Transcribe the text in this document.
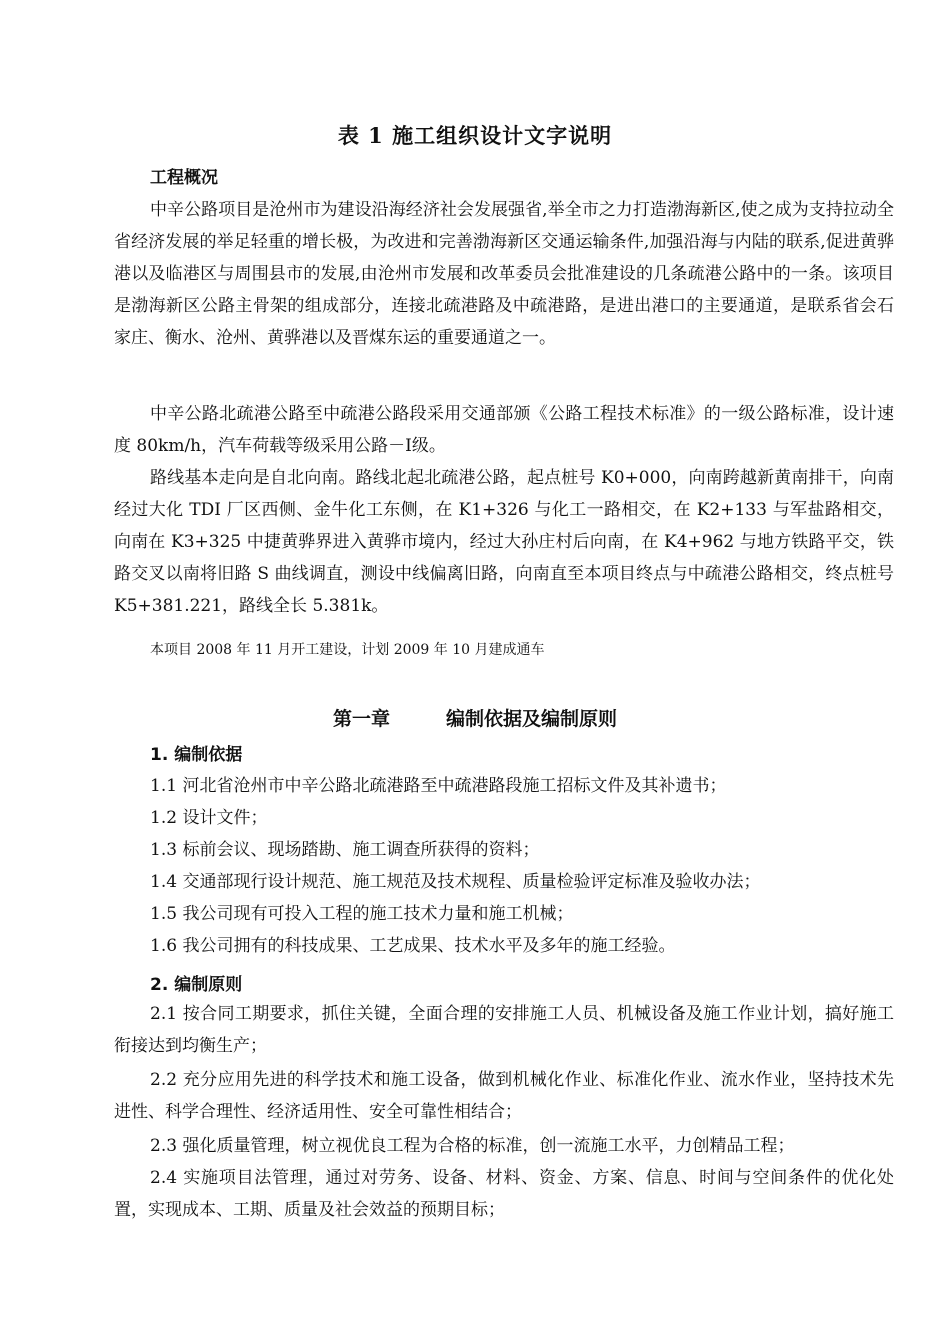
表 1 施工组织设计文字说明
工程概况

中辛公路项目是沧州市为建设沿海经济社会发展强省,举全市之力打造渤海新区,使之成为支持拉动全省经济发展的举足轻重的增长极，为改进和完善渤海新区交通运输条件,加强沿海与内陆的联系,促进黄骅港以及临港区与周围县市的发展,由沧州市发展和改革委员会批准建设的几条疏港公路中的一条。该项目是渤海新区公路主骨架的组成部分，连接北疏港路及中疏港路，是进出港口的主要通道，是联系省会石家庄、衡水、沧州、黄骅港以及晋煤东运的重要通道之一。

中辛公路北疏港公路至中疏港公路段采用交通部颁《公路工程技术标准》的一级公路标准，设计速度 80km/h，汽车荷载等级采用公路－Ⅰ级。

路线基本走向是自北向南。路线北起北疏港公路，起点桩号 K0+000，向南跨越新黄南排干，向南经过大化 TDI 厂区西侧、金牛化工东侧，在 K1+326 与化工一路相交，在 K2+133 与军盐路相交，向南在 K3+325 中捷黄骅界进入黄骅市境内，经过大孙庄村后向南，在 K4+962 与地方铁路平交，铁路交叉以南将旧路 S 曲线调直，测设中线偏离旧路，向南直至本项目终点与中疏港公路相交，终点桩号 K5+381.221，路线全长 5.381k。

本项目 2008 年 11 月开工建设，计划 2009 年 10 月建成通车

第一章	编制依据及编制原则
1. 编制依据
1.1 河北省沧州市中辛公路北疏港路至中疏港路段施工招标文件及其补遗书；
1.2 设计文件；
1.3 标前会议、现场踏勘、施工调查所获得的资料；
1.4 交通部现行设计规范、施工规范及技术规程、质量检验评定标准及验收办法；
1.5 我公司现有可投入工程的施工技术力量和施工机械；
1.6 我公司拥有的科技成果、工艺成果、技术水平及多年的施工经验。
2. 编制原则

2.1 按合同工期要求，抓住关键，全面合理的安排施工人员、机械设备及施工作业计划，搞好施工衔接达到均衡生产；

2.2 充分应用先进的科学技术和施工设备，做到机械化作业、标准化作业、流水作业，坚持技术先进性、科学合理性、经济适用性、安全可靠性相结合；

2.3 强化质量管理，树立视优良工程为合格的标准，创一流施工水平，力创精品工程；

2.4 实施项目法管理，通过对劳务、设备、材料、资金、方案、信息、时间与空间条件的优化处置，实现成本、工期、质量及社会效益的预期目标；
